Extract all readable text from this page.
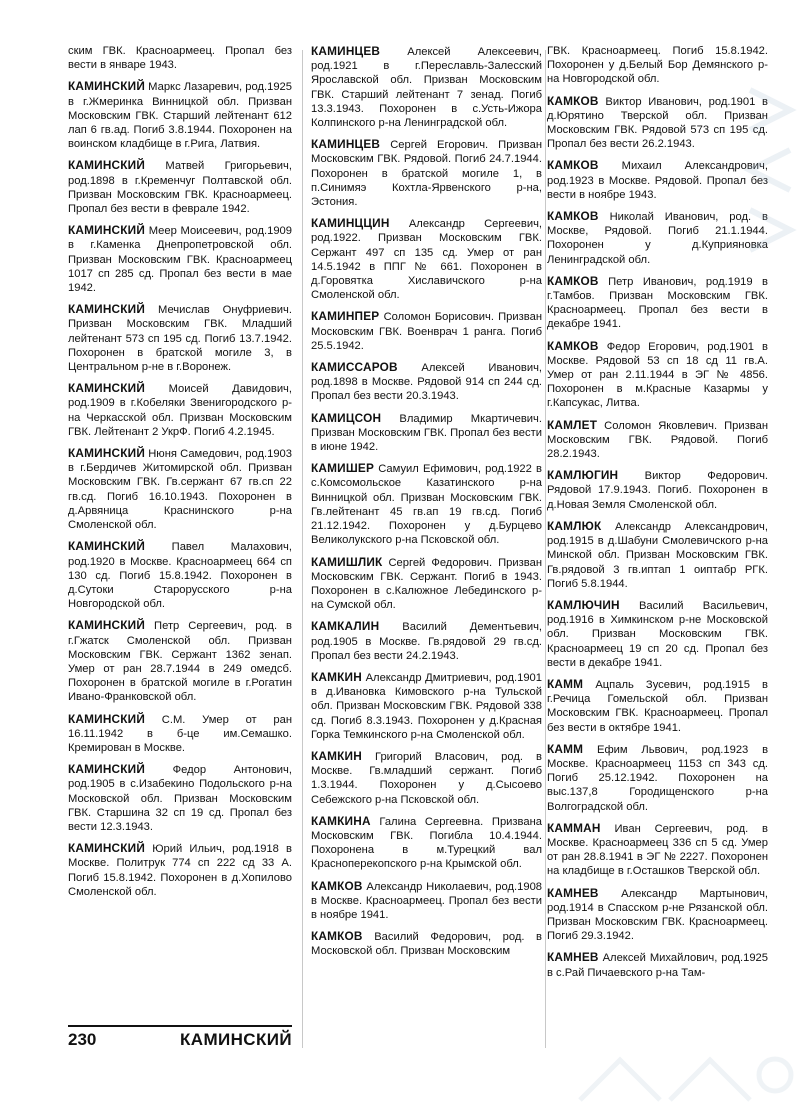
ским ГВК. Красноармеец. Пропал без вести в январе 1943.

КАМИНСКИЙ Маркс Лазаревич, род.1925 в г.Жмеринка Винницкой обл. Призван Московским ГВК. Старший лейтенант 612 лап 6 гв.ад. Погиб 3.8.1944. Похоронен на воинском кладбище в г.Рига, Латвия.

КАМИНСКИЙ Матвей Григорьевич, род.1898 в г.Кременчуг Полтавской обл. Призван Московским ГВК. Красноармеец. Пропал без вести в феврале 1942.

КАМИНСКИЙ Меер Моисеевич, род.1909 в г.Каменка Днепропетровской обл. Призван Московским ГВК. Красноармеец 1017 сп 285 сд. Пропал без вести в мае 1942.

КАМИНСКИЙ Мечислав Онуфриевич. Призван Московским ГВК. Младший лейтенант 573 сп 195 сд. Погиб 13.7.1942. Похоронен в братской могиле 3, в Центральном р-не в г.Воронеж.

КАМИНСКИЙ Моисей Давидович, род.1909 в г.Кобеляки Звенигородского р-на Черкасской обл. Призван Московским ГВК. Лейтенант 2 УкрФ. Погиб 4.2.1945.

КАМИНСКИЙ Нюня Самедович, род.1903 в г.Бердичев Житомирской обл. Призван Московским ГВК. Гв.сержант 67 гв.сп 22 гв.сд. Погиб 16.10.1943. Похоронен в д.Арвяница Краснинского р-на Смоленской обл.

КАМИНСКИЙ Павел Малахович, род.1920 в Москве. Красноармеец 664 сп 130 сд. Погиб 15.8.1942. Похоронен в д.Сутоки Старорусского р-на Новгородской обл.

КАМИНСКИЙ Петр Сергеевич, род. в г.Гжатск Смоленской обл. Призван Московским ГВК. Сержант 1362 зенап. Умер от ран 28.7.1944 в 249 омедсб. Похоронен в братской могиле в г.Рогатин Ивано-Франковской обл.

КАМИНСКИЙ С.М. Умер от ран 16.11.1942 в б-це им.Семашко. Кремирован в Москве.

КАМИНСКИЙ Федор Антонович, род.1905 в с.Изабекино Подольского р-на Московской обл. Призван Московским ГВК. Старшина 32 сп 19 сд. Пропал без вести 12.3.1943.

КАМИНСКИЙ Юрий Ильич, род.1918 в Москве. Политрук 774 сп 222 сд 33 А. Погиб 15.8.1942. Похоронен в д.Хопилово Смоленской обл.

КАМИНЦЕВ Алексей Алексеевич, род.1921 в г.Переславль-Залесский Ярославской обл. Призван Московским ГВК. Старший лейтенант 7 зенад. Погиб 13.3.1943. Похоронен в с.Усть-Ижора Колпинского р-на Ленинградской обл.

КАМИНЦЕВ Сергей Егорович. Призван Московским ГВК. Рядовой. Погиб 24.7.1944. Похоронен в братской могиле 1, в п.Синимяэ Кохтла-Ярвенского р-на, Эстония.

КАМИНЦЦИН Александр Сергеевич, род.1922. Призван Московским ГВК. Сержант 497 сп 135 сд. Умер от ран 14.5.1942 в ППГ № 661. Похоронен в д.Горовятка Хиславичского р-на Смоленской обл.

КАМИНПЕР Соломон Борисович. Призван Московским ГВК. Военврач 1 ранга. Погиб 25.5.1942.

КАМИССАРОВ Алексей Иванович, род.1898 в Москве. Рядовой 914 сп 244 сд. Пропал без вести 20.3.1943.

КАМИЦСОН Владимир Мкартичевич. Призван Московским ГВК. Пропал без вести в июне 1942.

КАМИШЕР Самуил Ефимович, род.1922 в с.Комсомольское Казатинского р-на Винницкой обл. Призван Московским ГВК. Гв.лейтенант 45 гв.ап 19 гв.сд. Погиб 21.12.1942. Похоронен у д.Бурцево Великолукского р-на Псковской обл.

КАМИШЛИК Сергей Федорович. Призван Московским ГВК. Сержант. Погиб в 1943. Похоронен в с.Калюжное Лебединского р-на Сумской обл.

КАМКАЛИН Василий Дементьевич, род.1905 в Москве. Гв.рядовой 29 гв.сд. Пропал без вести 24.2.1943.

КАМКИН Александр Дмитриевич, род.1901 в д.Ивановка Кимовского р-на Тульской обл. Призван Московским ГВК. Рядовой 338 сд. Погиб 8.3.1943. Похоронен у д.Красная Горка Темкинского р-на Смоленской обл.

КАМКИН Григорий Власович, род. в Москве. Гв.младший сержант. Погиб 1.3.1944. Похоронен у д.Сысоево Себежского р-на Псковской обл.

КАМКИНА Галина Сергеевна. Призвана Московским ГВК. Погибла 10.4.1944. Похоронена в м.Турецкий вал Красноперекопского р-на Крымской обл.

КАМКОВ Александр Николаевич, род.1908 в Москве. Красноармеец. Пропал без вести в ноябре 1941.

КАМКОВ Василий Федорович, род. в Московской обл. Призван Московским

ГВК. Красноармеец. Погиб 15.8.1942. Похоронен у д.Белый Бор Демянского р-на Новгородской обл.

КАМКОВ Виктор Иванович, род.1901 в д.Юрятино Тверской обл. Призван Московским ГВК. Рядовой 573 сп 195 сд. Пропал без вести 26.2.1943.

КАМКОВ Михаил Александрович, род.1923 в Москве. Рядовой. Пропал без вести в ноябре 1943.

КАМКОВ Николай Иванович, род. в Москве, Рядовой. Погиб 21.1.1944. Похоронен у д.Куприяновка Ленинградской обл.

КАМКОВ Петр Иванович, род.1919 в г.Тамбов. Призван Московским ГВК. Красноармеец. Пропал без вести в декабре 1941.

КАМКОВ Федор Егорович, род.1901 в Москве. Рядовой 53 сп 18 сд 11 гв.А. Умер от ран 2.11.1944 в ЭГ № 4856. Похоронен в м.Красные Казармы у г.Капсукас, Литва.

КАМЛЕТ Соломон Яковлевич. Призван Московским ГВК. Рядовой. Погиб 28.2.1943.

КАМЛЮГИН Виктор Федорович. Рядовой 17.9.1943. Погиб. Похоронен в д.Новая Земля Смоленской обл.

КАМЛЮК Александр Александрович, род.1915 в д.Шабуни Смолевичского р-на Минской обл. Призван Московским ГВК. Гв.рядовой 3 гв.иптап 1 оиптабр РГК. Погиб 5.8.1944.

КАМЛЮЧИН Василий Васильевич, род.1916 в Химкинском р-не Московской обл. Призван Московским ГВК. Красноармеец 19 сп 20 сд. Пропал без вести в декабре 1941.

КАММ Ацпаль Зусевич, род.1915 в г.Речица Гомельской обл. Призван Московским ГВК. Красноармеец. Пропал без вести в октябре 1941.

КАММ Ефим Львович, род.1923 в Москве. Красноармеец 1153 сп 343 сд. Погиб 25.12.1942. Похоронен на выс.137,8 Городищенского р-на Волгоградской обл.

КАММАН Иван Сергеевич, род. в Москве. Красноармеец 336 сп 5 сд. Умер от ран 28.8.1941 в ЭГ № 2227. Похоронен на кладбище в г.Осташков Тверской обл.

КАМНЕВ Александр Мартынович, род.1914 в Спасском р-не Рязанской обл. Призван Московским ГВК. Красноармеец. Погиб 29.3.1942.

КАМНЕВ Алексей Михайлович, род.1925 в с.Рай Пичаевского р-на Там-

230	КАМИНСКИЙ
